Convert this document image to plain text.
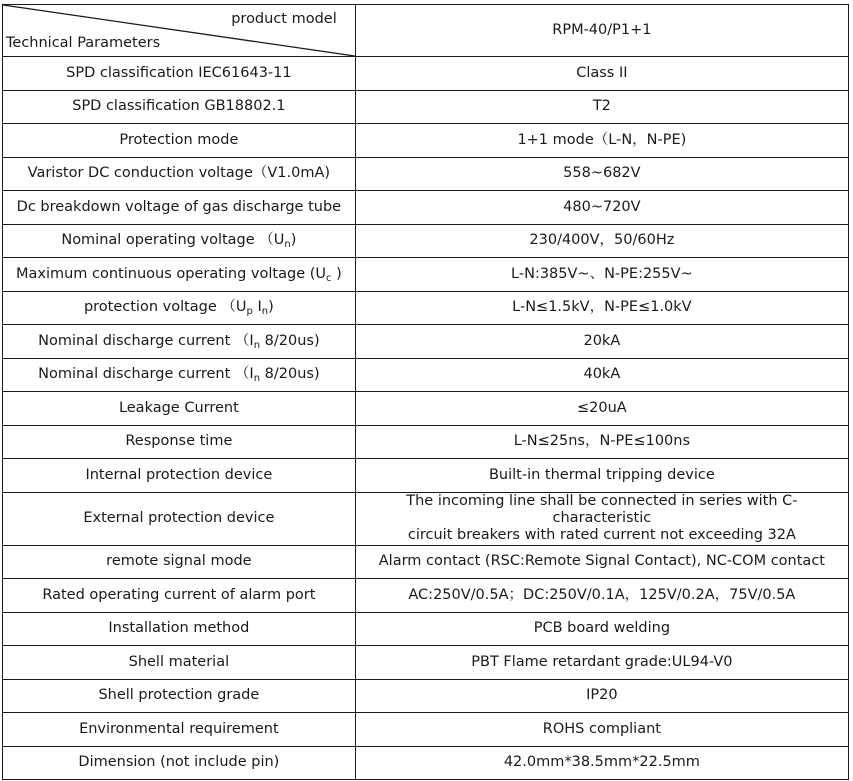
product model
Technical Parameters	RPM-40/P1+1
SPD classification IEC61643-11	Class II
SPD classification GB18802.1	T2
Protection mode	1+1 mode（L-N，N-PE)
Varistor DC conduction voltage（V1.0mA)	558~682V
Dc breakdown voltage of gas discharge tube	480~720V
Nominal operating voltage $(U_n)$	230/400V，50/60Hz
Maximum continuous operating voltage ($U_c$ )	L-N:385V~、N-PE:255V~
protection voltage （$U_p$ $I_n$)	L-N≤1.5kV，N-PE≤1.0kV
Nominal discharge current （$I_n$ 8/20us)	20kA
Nominal discharge current （$I_n$ 8/20us)	40kA
Leakage Current	≤20uA
Response time	L-N≤25ns，N-PE≤100ns
Internal protection device	Built-in thermal tripping device
External protection device	The incoming line shall be connected in series with C-characteristic
circuit breakers with rated current not exceeding 32A
remote signal mode	Alarm contact (RSC:Remote Signal Contact), NC-COM contact
Rated operating current of alarm port	AC:250V/0.5A；DC:250V/0.1A，125V/0.2A，75V/0.5A
Installation method	PCB board welding
Shell material	PBT Flame retardant grade:UL94-V0
Shell protection grade	IP20
Environmental requirement	ROHS compliant
Dimension (not include pin)	42.0mm*38.5mm*22.5mm
